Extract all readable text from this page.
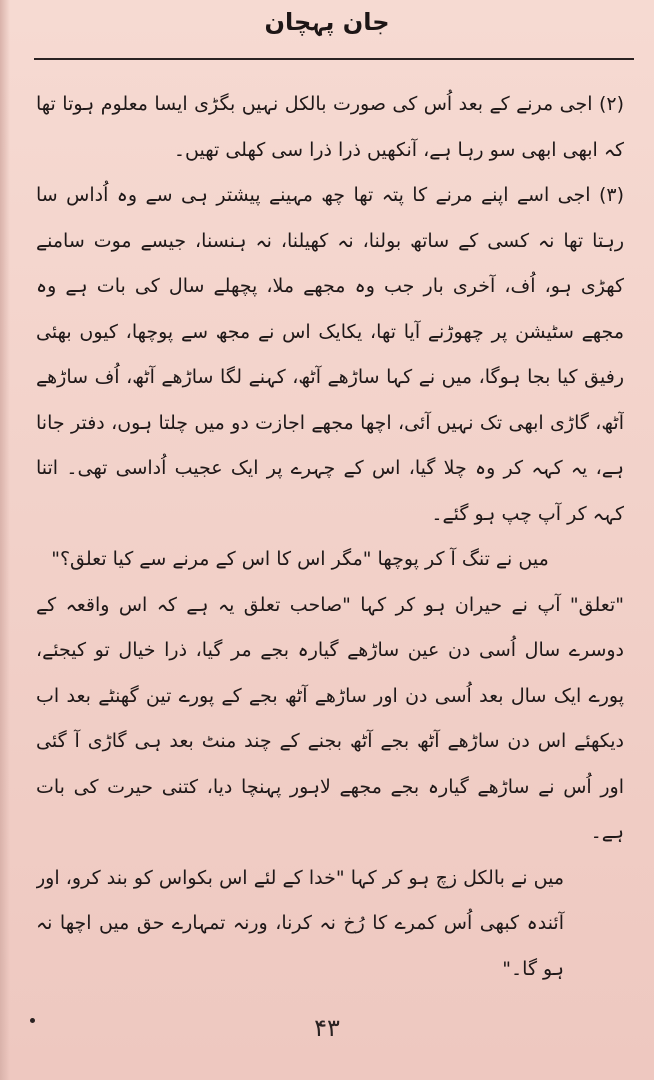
جان پہچان

(۲) اجی مرنے کے بعد اُس کی صورت بالکل نہیں بگڑی ایسا معلوم ہوتا تھا کہ ابھی ابھی سو رہا ہے، آنکھیں ذرا ذرا سی کھلی تھیں۔

(۳) اجی اسے اپنے مرنے کا پتہ تھا چھ مہینے پیشتر ہی سے وہ اُداس سا رہتا تھا نہ کسی کے ساتھ بولنا، نہ کھیلنا، نہ ہنسنا، جیسے موت سامنے کھڑی ہو، اُف، آخری بار جب وہ مجھے ملا، پچھلے سال کی بات ہے وہ مجھے سٹیشن پر چھوڑنے آیا تھا، یکایک اس نے مجھ سے پوچھا، کیوں بھئی رفیق کیا بجا ہوگا، میں نے کہا ساڑھے آٹھ، کہنے لگا ساڑھے آٹھ، اُف ساڑھے آٹھ، گاڑی ابھی تک نہیں آئی، اچھا مجھے اجازت دو میں چلتا ہوں، دفتر جانا ہے، یہ کہہ کر وہ چلا گیا، اس کے چہرے پر ایک عجیب اُداسی تھی۔ اتنا کہہ کر آپ چپ ہو گئے۔

میں نے تنگ آ کر پوچھا "مگر اس کا اس کے مرنے سے کیا تعلق؟"

"تعلق" آپ نے حیران ہو کر کہا "صاحب تعلق یہ ہے کہ اس واقعہ کے دوسرے سال اُسی دن عین ساڑھے گیارہ بجے مر گیا، ذرا خیال تو کیجئے، پورے ایک سال بعد اُسی دن اور ساڑھے آٹھ بجے کے پورے تین گھنٹے بعد اب دیکھئے اس دن ساڑھے آٹھ بجے آٹھ بجنے کے چند منٹ بعد ہی گاڑی آ گئی اور اُس نے ساڑھے گیارہ بجے مجھے لاہور پہنچا دیا، کتنی حیرت کی بات ہے۔

میں نے بالکل زچ ہو کر کہا "خدا کے لئے اس بکواس کو بند کرو، اور آئندہ کبھی اُس کمرے کا رُخ نہ کرنا، ورنہ تمہارے حق میں اچھا نہ ہو گا۔"

۴۳
